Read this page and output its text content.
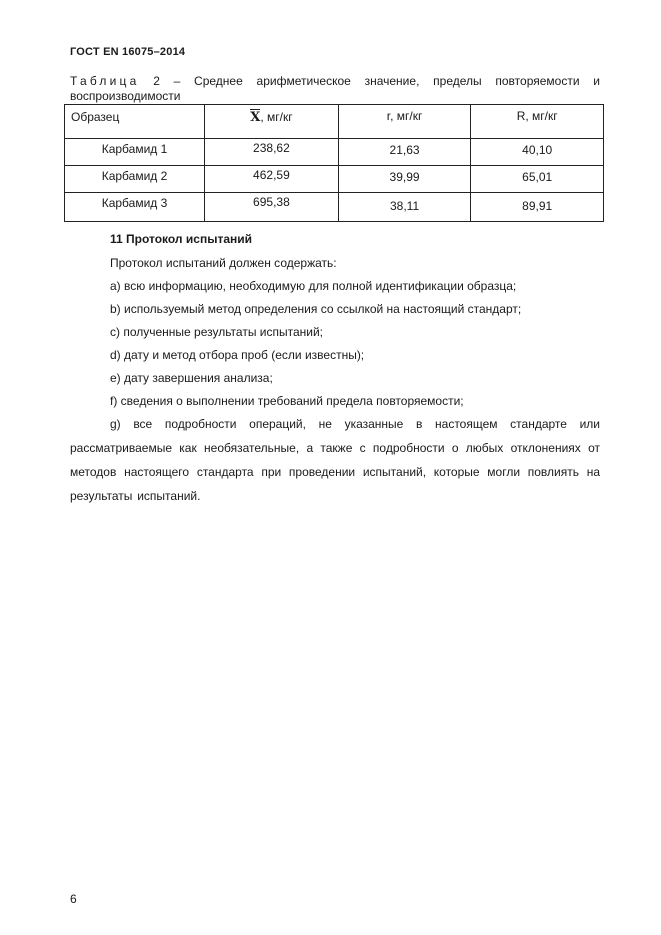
ГОСТ EN 16075–2014
Таблица 2 – Среднее арифметическое значение, пределы повторяемости и воспроизводимости
Образец	X, мг/кг	r, мг/кг	R, мг/кг
Карбамид 1	238,62	21,63	40,10
Карбамид 2	462,59	39,99	65,01
Карбамид 3	695,38	38,11	89,91
11 Протокол испытаний
Протокол испытаний должен содержать:
a) всю информацию, необходимую для полной идентификации образца;
b) используемый метод определения со ссылкой на настоящий стандарт;
c) полученные результаты испытаний;
d) дату и метод отбора проб (если известны);
e) дату завершения анализа;
f) сведения о выполнении требований предела повторяемости;
g) все подробности операций, не указанные в настоящем стандарте или рассматриваемые как необязательные, а также с подробности о любых отклонениях от методов настоящего стандарта при проведении испытаний, которые могли повлиять на результаты испытаний.
6
